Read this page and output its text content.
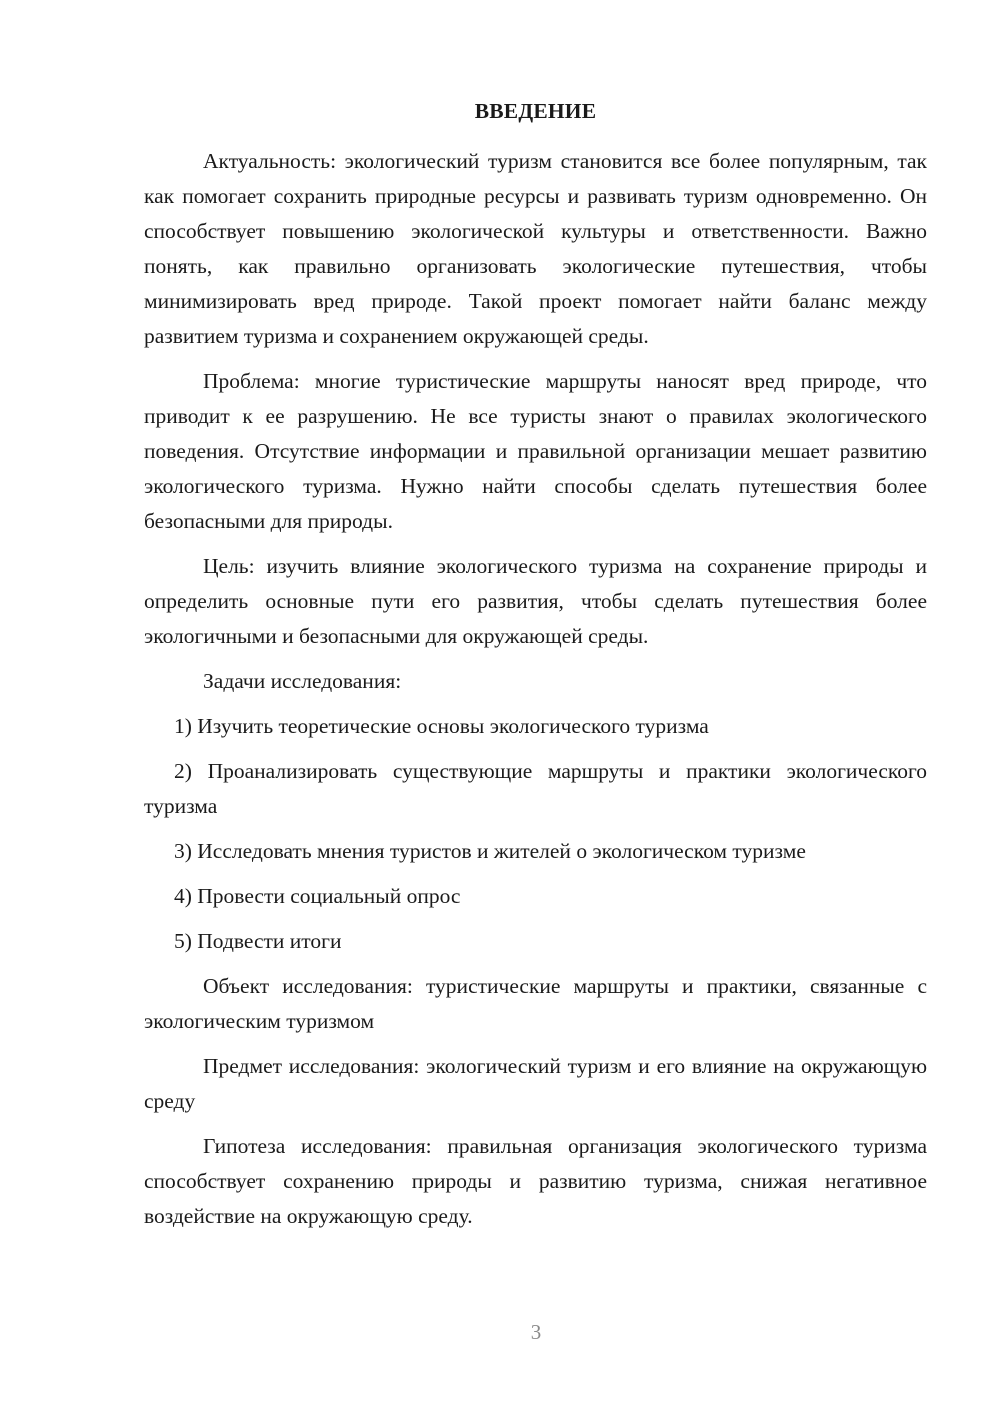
ВВЕДЕНИЕ

Актуальность: экологический туризм становится все более популярным, так как помогает сохранить природные ресурсы и развивать туризм одновременно. Он способствует повышению экологической культуры и ответственности. Важно понять, как правильно организовать экологические путешествия, чтобы минимизировать вред природе. Такой проект помогает найти баланс между развитием туризма и сохранением окружающей среды.

Проблема: многие туристические маршруты наносят вред природе, что приводит к ее разрушению. Не все туристы знают о правилах экологического поведения. Отсутствие информации и правильной организации мешает развитию экологического туризма. Нужно найти способы сделать путешествия более безопасными для природы.

Цель: изучить влияние экологического туризма на сохранение природы и определить основные пути его развития, чтобы сделать путешествия более экологичными и безопасными для окружающей среды.

Задачи исследования:

1) Изучить теоретические основы экологического туризма

2) Проанализировать существующие маршруты и практики экологического туризма

3) Исследовать мнения туристов и жителей о экологическом туризме

4) Провести социальный опрос

5) Подвести итоги

Объект исследования: туристические маршруты и практики, связанные с экологическим туризмом

Предмет исследования: экологический туризм и его влияние на окружающую среду

Гипотеза исследования: правильная организация экологического туризма способствует сохранению природы и развитию туризма, снижая негативное воздействие на окружающую среду.

3
